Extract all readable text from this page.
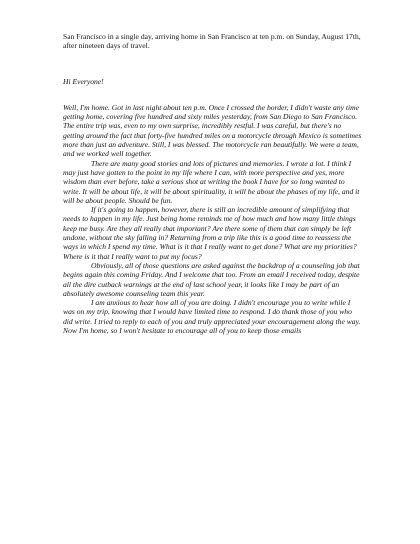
San Francisco in a single day, arriving home in San Francisco at ten p.m. on Sunday, August 17th, after nineteen days of travel.

Hi Everyone!

Well, I'm home. Got in last night about ten p.m. Once I crossed the border, I didn't waste any time getting home, covering five hundred and sixty miles yesterday, from San Diego to San Francisco. The entire trip was, even to my own surprise, incredibly restful. I was careful, but there's no getting around the fact that forty-five hundred miles on a motorcycle through Mexico is sometimes more than just an adventure. Still, I was blessed. The motorcycle ran beautifully. We were a team, and we worked well together.

There are many good stories and lots of pictures and memories. I wrote a lot. I think I may just have gotten to the point in my life where I can, with more perspective and yes, more wisdom than ever before, take a serious shot at writing the book I have for so long wanted to write. It will be about life, it will be about spirituality, it will be about the phases of my life, and it will be about people. Should be fun.

If it's going to happen, however, there is still an incredible amount of simplifying that needs to happen in my life. Just being home reminds me of how much and how many little things keep me busy. Are they all really that important? Are there some of them that can simply be left undone, without the sky falling in? Returning from a trip like this is a good time to reassess the ways in which I spend my time. What is it that I really want to get done? What are my priorities? Where is it that I really want to put my focus?

Obviously, all of those questions are asked against the backdrop of a counseling job that begins again this coming Friday. And I welcome that too. From an email I received today, despite all the dire cutback warnings at the end of last school year, it looks like I may be part of an absolutely awesome counseling team this year.

I am anxious to hear how all of you are doing. I didn't encourage you to write while I was on my trip, knowing that I would have limited time to respond. I do thank those of you who did write. I tried to reply to each of you and truly appreciated your encouragement along the way. Now I'm home, so I won't hesitate to encourage all of you to keep those emails
